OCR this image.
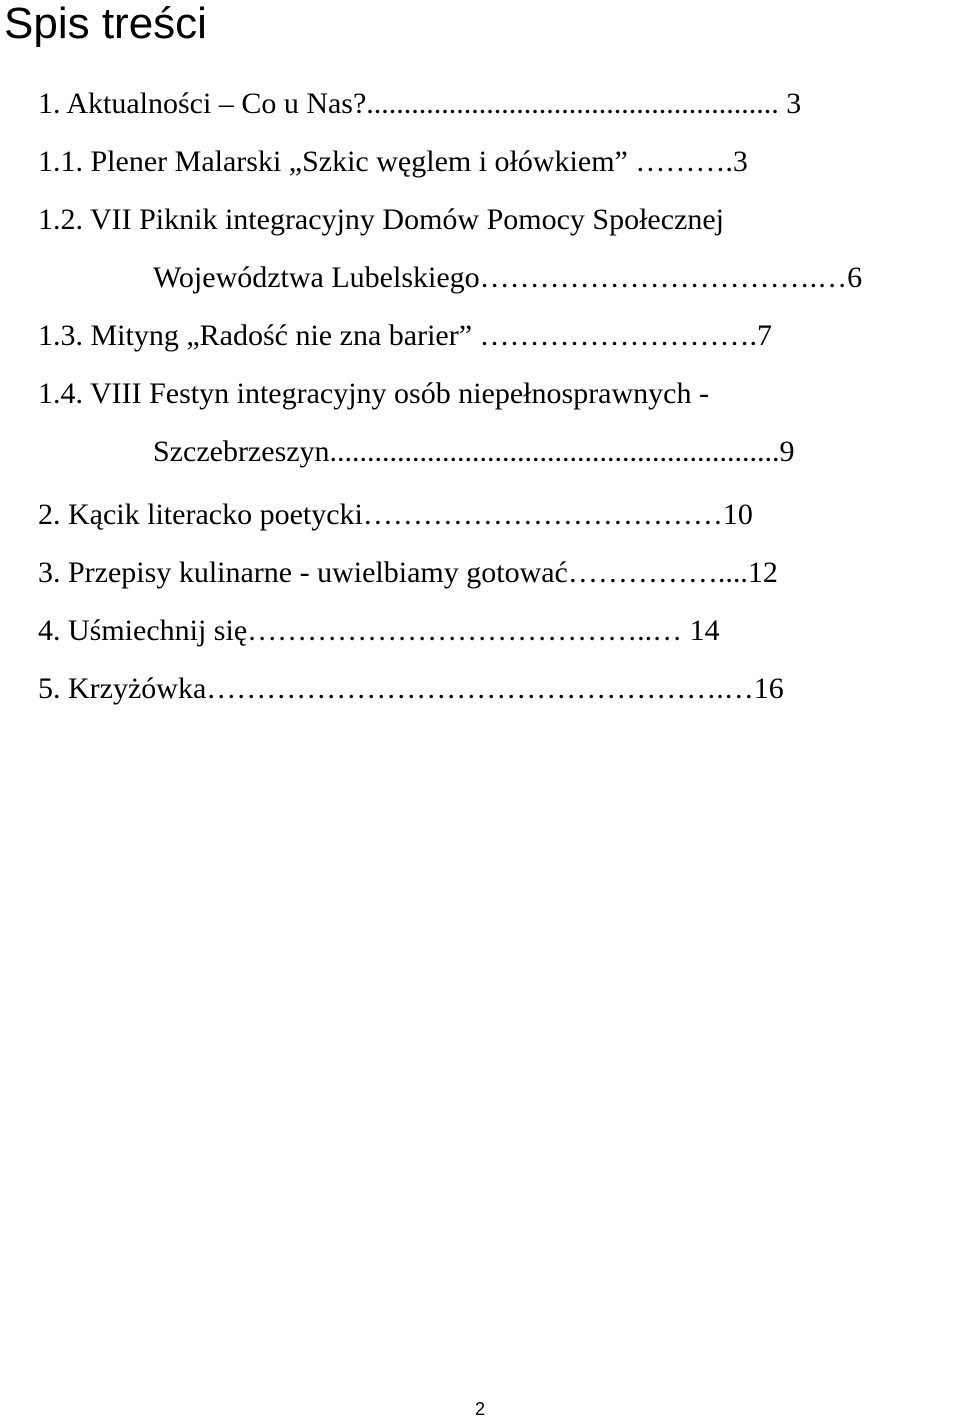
Spis treści
1. Aktualności – Co u Nas?....................................................... 3
1.1. Plener Malarski „Szkic węglem i ołówkiem” ……….3
1.2. VII Piknik integracyjny Domów Pomocy Społecznej
Województwa Lubelskiego…………………………….…6
1.3. Mityng „Radość nie zna barier” ……………………….7
1.4. VIII Festyn integracyjny osób niepełnosprawnych -
Szczebrzeszyn............................................................9
2. Kącik literacko poetycki………………………………10
3. Przepisy kulinarne - uwielbiamy gotować……………....12
4. Uśmiechnij się…………………………………..… 14
5. Krzyżówka…………………………………………….…16
2
